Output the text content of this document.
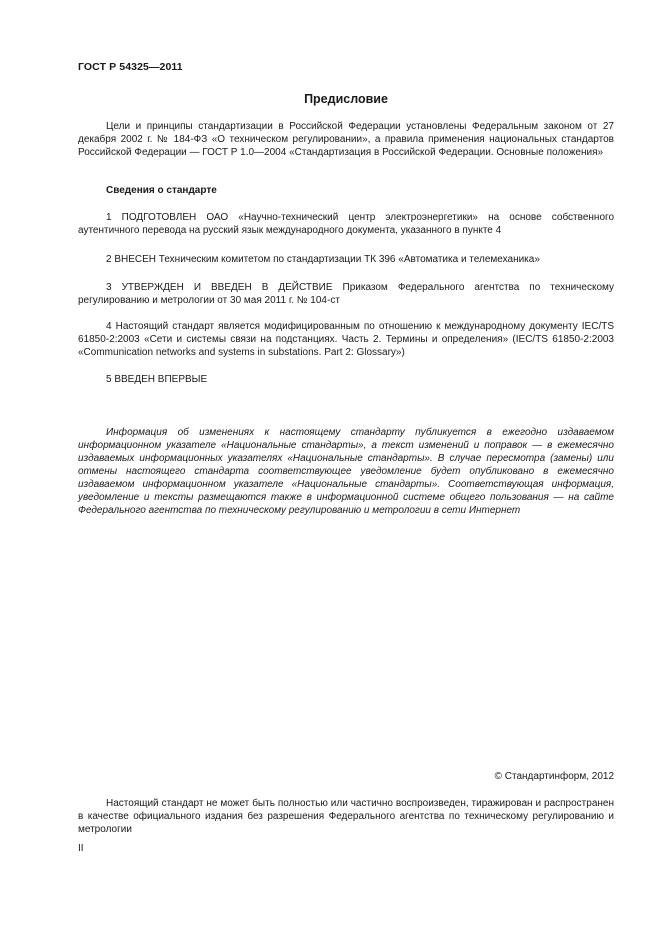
ГОСТ Р 54325—2011
Предисловие

Цели и принципы стандартизации в Российской Федерации установлены Федеральным законом от 27 декабря 2002 г. № 184-ФЗ «О техническом регулировании», а правила применения национальных стандартов Российской Федерации — ГОСТ Р 1.0—2004 «Стандартизация в Российской Федерации. Основные положения»

Сведения о стандарте

1 ПОДГОТОВЛЕН ОАО «Научно-технический центр электроэнергетики» на основе собственного аутентичного перевода на русский язык международного документа, указанного в пункте 4

2 ВНЕСЕН Техническим комитетом по стандартизации ТК 396 «Автоматика и телемеханика»

3 УТВЕРЖДЕН И ВВЕДЕН В ДЕЙСТВИЕ Приказом Федерального агентства по техническому регулированию и метрологии от 30 мая 2011 г. № 104-ст

4 Настоящий стандарт является модифицированным по отношению к международному документу IEC/TS 61850-2:2003 «Сети и системы связи на подстанциях. Часть 2. Термины и определения» (IEC/TS 61850-2:2003 «Communication networks and systems in substations. Part 2: Glossary»)

5 ВВЕДЕН ВПЕРВЫЕ

Информация об изменениях к настоящему стандарту публикуется в ежегодно издаваемом информационном указателе «Национальные стандарты», а текст изменений и поправок — в ежемесячно издаваемых информационных указателях «Национальные стандарты». В случае пересмотра (замены) или отмены настоящего стандарта соответствующее уведомление будет опубликовано в ежемесячно издаваемом информационном указателе «Национальные стандарты». Соответствующая информация, уведомление и тексты размещаются также в информационной системе общего пользования — на сайте Федерального агентства по техническому регулированию и метрологии в сети Интернет

© Стандартинформ, 2012

Настоящий стандарт не может быть полностью или частично воспроизведен, тиражирован и распространен в качестве официального издания без разрешения Федерального агентства по техническому регулированию и метрологии

II
